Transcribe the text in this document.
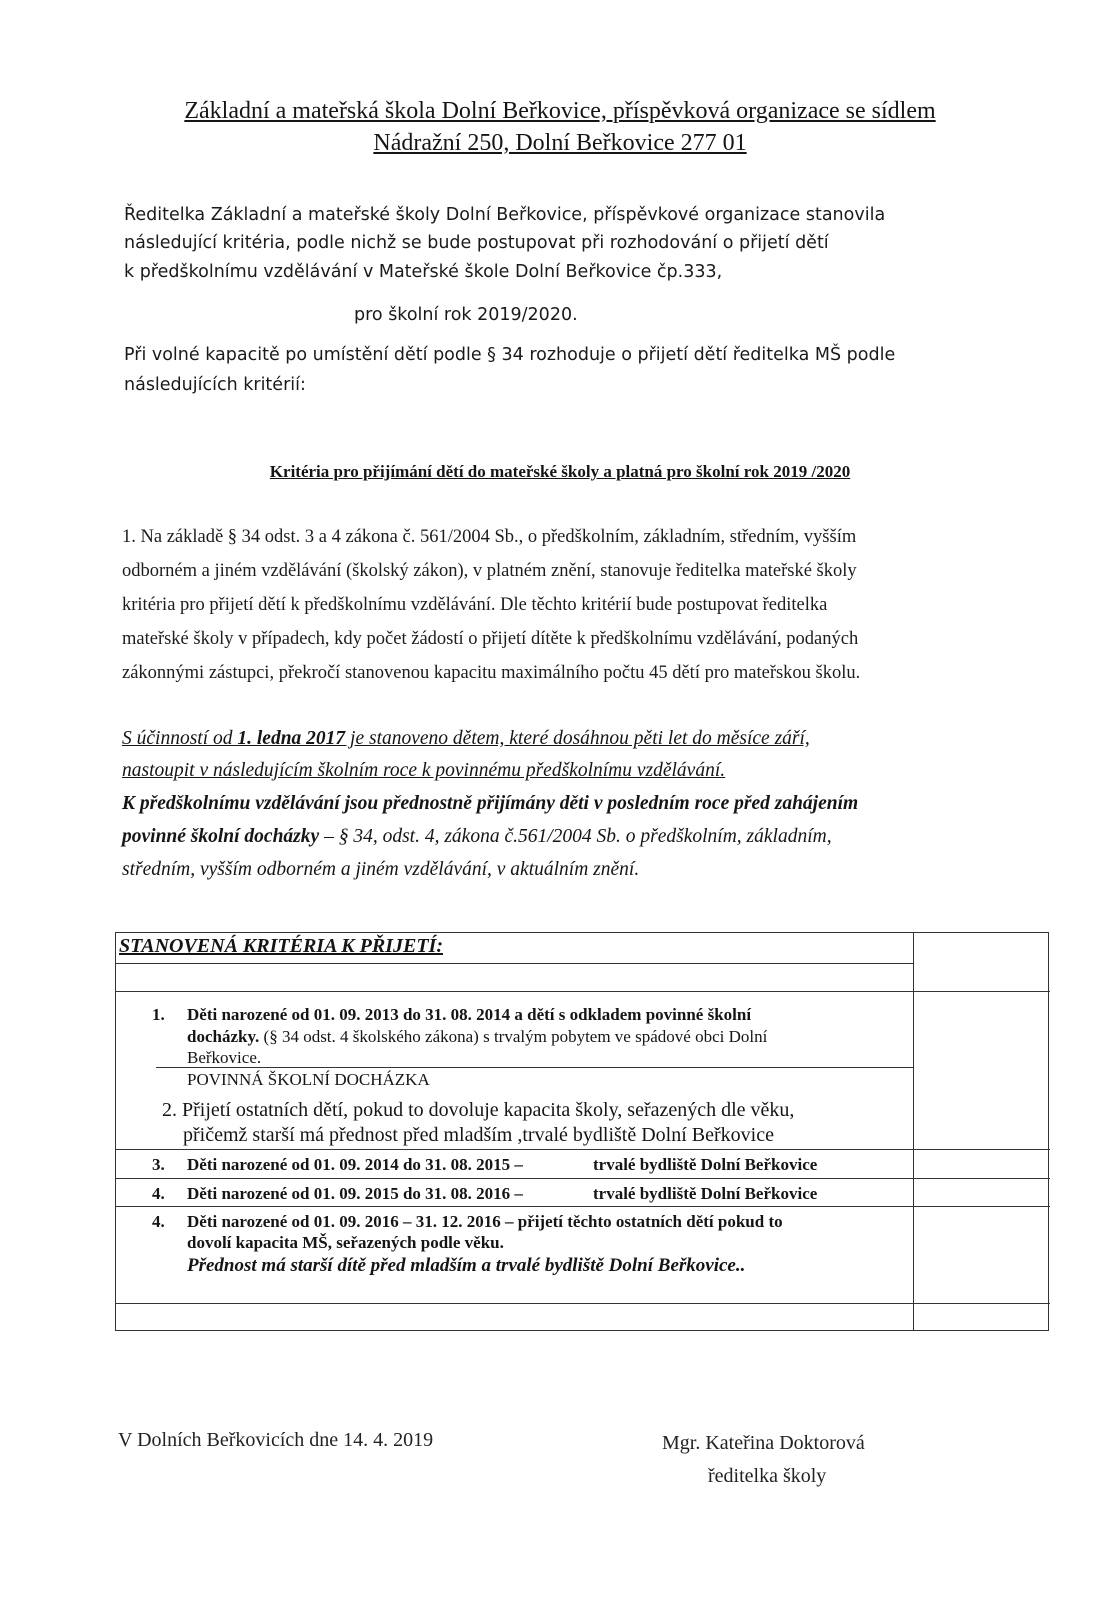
Základní a mateřská škola Dolní Beřkovice, příspěvková organizace se sídlem
Nádražní 250, Dolní Beřkovice 277 01
Ředitelka Základní a mateřské školy Dolní Beřkovice, příspěvkové organizace stanovila
následující kritéria, podle nichž se bude postupovat při rozhodování o přijetí dětí
k předškolnímu vzdělávání v Mateřské škole Dolní Beřkovice čp.333,
pro školní rok 2019/2020.
Při volné kapacitě po umístění dětí podle § 34 rozhoduje o přijetí dětí ředitelka MŠ podle
následujících kritérií:
Kritéria pro přijímání dětí do mateřské školy a platná pro školní rok 2019 /2020
1. Na základě § 34 odst. 3 a 4 zákona č. 561/2004 Sb., o předškolním, základním, středním, vyšším
odborném a jiném vzdělávání (školský zákon), v platném znění, stanovuje ředitelka mateřské školy
kritéria pro přijetí dětí k předškolnímu vzdělávání. Dle těchto kritérií bude postupovat ředitelka
mateřské školy v případech, kdy počet žádostí o přijetí dítěte k předškolnímu vzdělávání, podaných
zákonnými zástupci, překročí stanovenou kapacitu maximálního počtu 45 dětí pro mateřskou školu.
S účinností od 1. ledna 2017 je stanoveno dětem, které dosáhnou pěti let do měsíce září,
nastoupit v následujícím školním roce k povinnému předškolnímu vzdělávání.
K předškolnímu vzdělávání jsou přednostně přijímány děti v posledním roce před zahájením
povinné školní docházky – § 34, odst. 4, zákona č.561/2004 Sb. o předškolním, základním,
středním, vyšším odborném a jiném vzdělávání, v aktuálním znění.
STANOVENÁ KRITÉRIA K PŘIJETÍ:
1. Děti narozené od 01. 09. 2013 do 31. 08. 2014 a dětí s odkladem povinné školní
docházky. (§ 34 odst. 4 školského zákona) s trvalým pobytem ve spádové obci Dolní
Beřkovice.
POVINNÁ ŠKOLNÍ DOCHÁZKA
2. Přijetí ostatních dětí, pokud to dovoluje kapacita školy, seřazených dle věku,
přičemž starší má přednost před mladším ,trvalé bydliště Dolní Beřkovice
3. Děti narozené od 01. 09. 2014 do 31. 08. 2015 –	trvalé bydliště Dolní Beřkovice
4. Děti narozené od 01. 09. 2015 do 31. 08. 2016 –	trvalé bydliště Dolní Beřkovice
4. Děti narozené od 01. 09. 2016 – 31. 12. 2016 – přijetí těchto ostatních dětí pokud to
dovolí kapacita MŠ, seřazených podle věku.
Přednost má starší dítě před mladším a trvalé bydliště Dolní Beřkovice..
V Dolních Beřkovicích dne 14. 4. 2019	Mgr. Kateřina Doktorová
ředitelka školy
